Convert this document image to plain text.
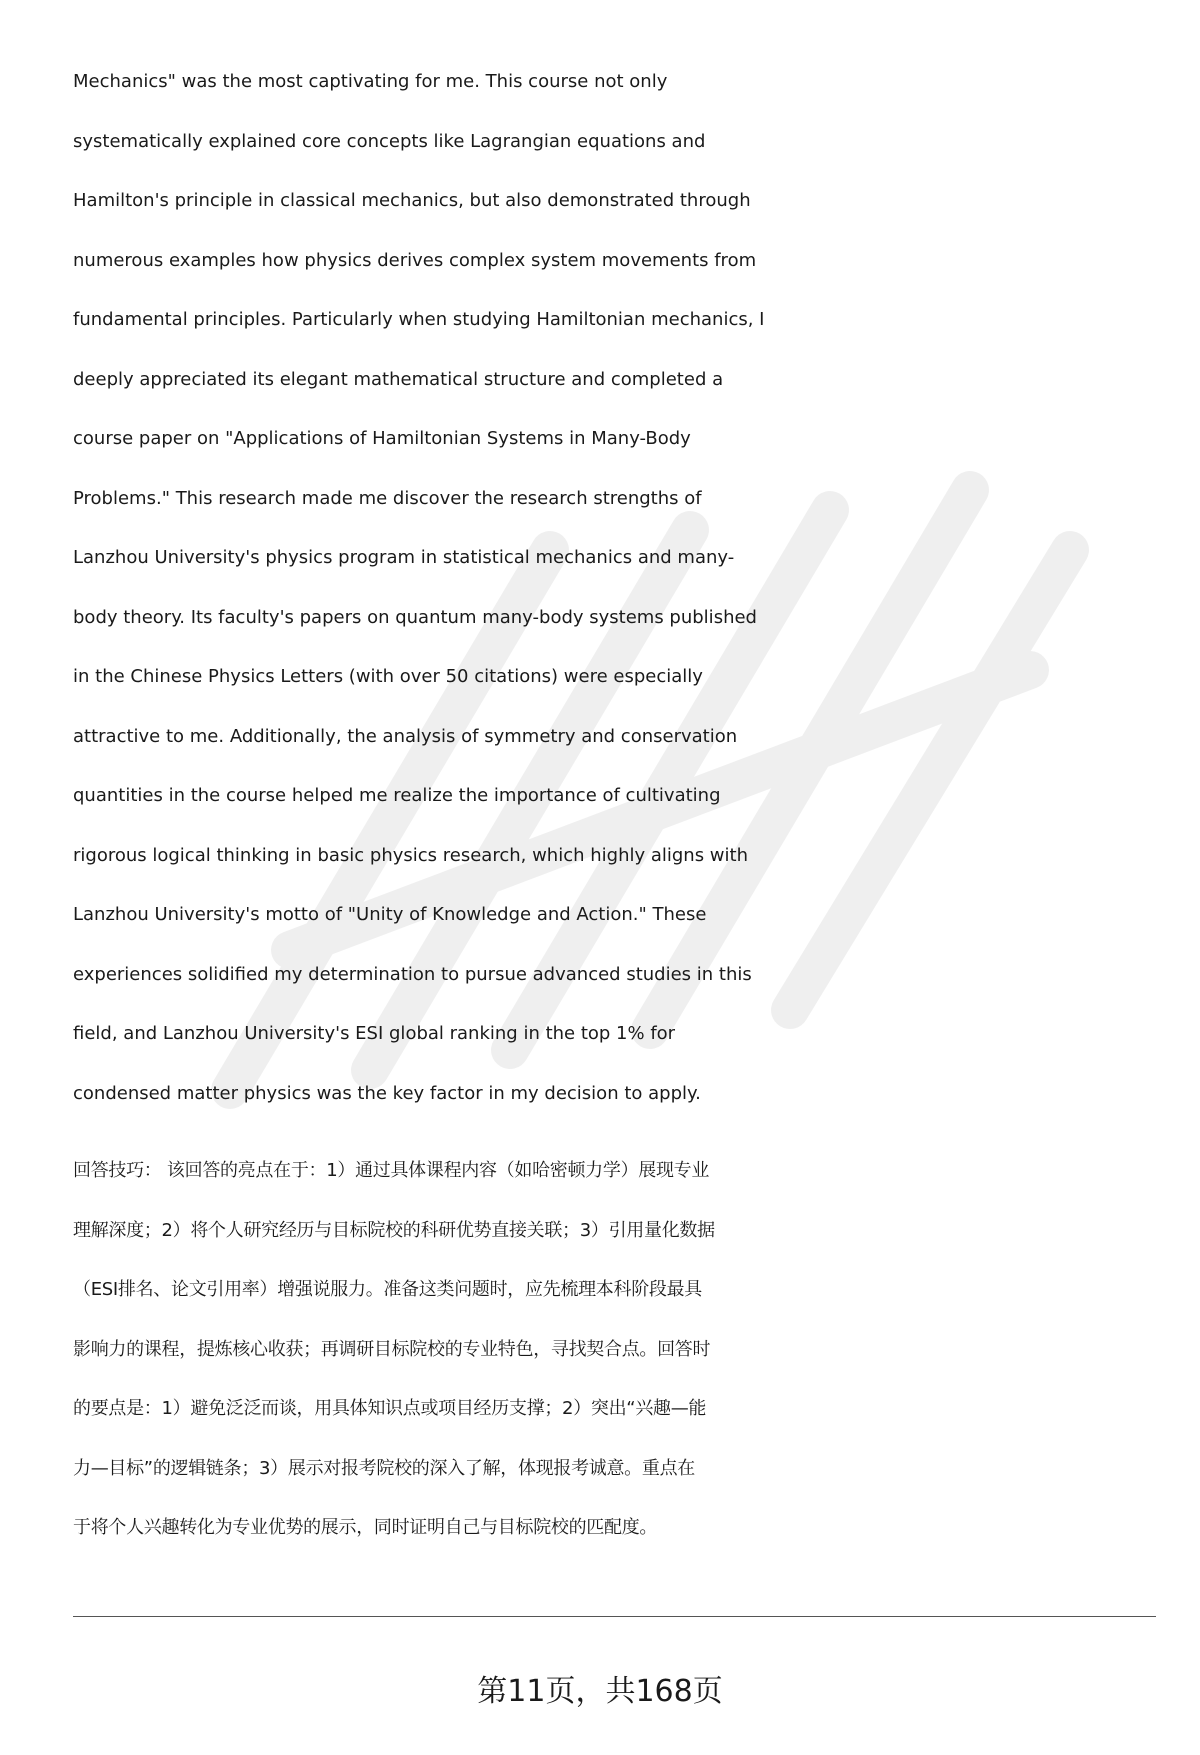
Mechanics" was the most captivating for me. This course not only
systematically explained core concepts like Lagrangian equations and
Hamilton's principle in classical mechanics, but also demonstrated through
numerous examples how physics derives complex system movements from
fundamental principles. Particularly when studying Hamiltonian mechanics, I
deeply appreciated its elegant mathematical structure and completed a
course paper on "Applications of Hamiltonian Systems in Many-Body
Problems." This research made me discover the research strengths of
Lanzhou University's physics program in statistical mechanics and many-
body theory. Its faculty's papers on quantum many-body systems published
in the Chinese Physics Letters (with over 50 citations) were especially
attractive to me. Additionally, the analysis of symmetry and conservation
quantities in the course helped me realize the importance of cultivating
rigorous logical thinking in basic physics research, which highly aligns with
Lanzhou University's motto of "Unity of Knowledge and Action." These
experiences solidified my determination to pursue advanced studies in this
field, and Lanzhou University's ESI global ranking in the top 1% for
condensed matter physics was the key factor in my decision to apply.
回答技巧： 该回答的亮点在于：1）通过具体课程内容（如哈密顿力学）展现专业
理解深度；2）将个人研究经历与目标院校的科研优势直接关联；3）引用量化数据
（ESI排名、论文引用率）增强说服力。准备这类问题时，应先梳理本科阶段最具
影响力的课程，提炼核心收获；再调研目标院校的专业特色，寻找契合点。回答时
的要点是：1）避免泛泛而谈，用具体知识点或项目经历支撑；2）突出“兴趣—能
力—目标”的逻辑链条；3）展示对报考院校的深入了解，体现报考诚意。重点在
于将个人兴趣转化为专业优势的展示，同时证明自己与目标院校的匹配度。
第11页，共168页
